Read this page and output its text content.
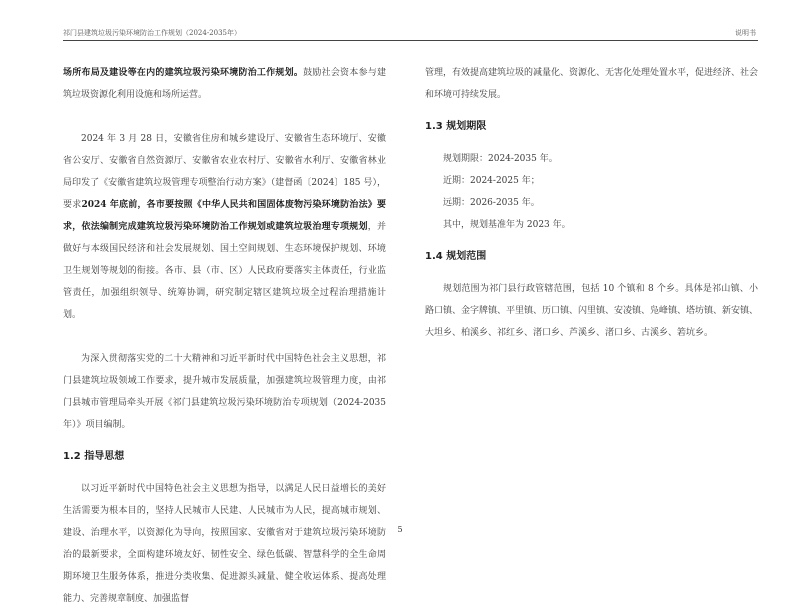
祁门县建筑垃圾污染环境防治工作规划（2024-2035年）	说明书

场所布局及建设等在内的建筑垃圾污染环境防治工作规划。鼓励社会资本参与建筑垃圾资源化利用设施和场所运营。

2024 年 3 月 28 日，安徽省住房和城乡建设厅、安徽省生态环境厅、安徽省公安厅、安徽省自然资源厅、安徽省农业农村厅、安徽省水利厅、安徽省林业局印发了《安徽省建筑垃圾管理专项整治行动方案》（建督函〔2024〕185 号），要求2024 年底前，各市要按照《中华人民共和国固体废物污染环境防治法》要求，依法编制完成建筑垃圾污染环境防治工作规划或建筑垃圾治理专项规划，并做好与本级国民经济和社会发展规划、国土空间规划、生态环境保护规划、环境卫生规划等规划的衔接。各市、县（市、区）人民政府要落实主体责任，行业监管责任，加强组织领导、统筹协调，研究制定辖区建筑垃圾全过程治理措施计划。

为深入贯彻落实党的二十大精神和习近平新时代中国特色社会主义思想，祁门县建筑垃圾领域工作要求，提升城市发展质量，加强建筑垃圾管理力度，由祁门县城市管理局牵头开展《祁门县建筑垃圾污染环境防治专项规划（2024-2035 年）》项目编制。

1.2 指导思想

以习近平新时代中国特色社会主义思想为指导，以满足人民日益增长的美好生活需要为根本目的，坚持人民城市人民建、人民城市为人民，提高城市规划、建设、治理水平，以资源化为导向，按照国家、安徽省对于建筑垃圾污染环境防治的最新要求，全面构建环境友好、韧性安全、绿色低碳、智慧科学的全生命周期环境卫生服务体系，推进分类收集、促进源头减量、健全收运体系、提高处理能力、完善规章制度、加强监督

管理，有效提高建筑垃圾的减量化、资源化、无害化处理处置水平，促进经济、社会和环境可持续发展。

1.3 规划期限

规划期限：2024-2035 年。

近期：2024-2025 年；

远期：2026-2035 年。

其中，规划基准年为 2023 年。

1.4 规划范围

规划范围为祁门县行政管辖范围，包括 10 个镇和 8 个乡。具体是祁山镇、小路口镇、金字牌镇、平里镇、历口镇、闪里镇、安凌镇、凫峰镇、塔坊镇、新安镇、大坦乡、柏溪乡、祁红乡、渚口乡、芦溪乡、渚口乡、古溪乡、箬坑乡。

5
